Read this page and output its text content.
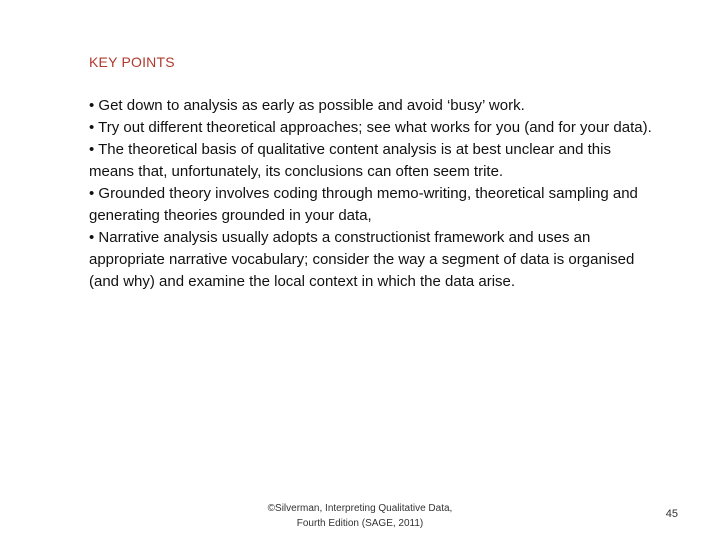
KEY POINTS

• Get down to analysis as early as possible and avoid ‘busy’ work.

• Try out different theoretical approaches; see what works for you (and for your data).

• The theoretical basis of qualitative content analysis is at best unclear and this means that, unfortunately, its conclusions can often seem trite.

• Grounded theory involves coding through memo-writing, theoretical sampling and generating theories grounded in your data,

• Narrative analysis usually adopts a constructionist framework and uses an appropriate narrative vocabulary; consider the way a segment of data is organised (and why) and examine the local context in which the data arise.

©Silverman, Interpreting Qualitative Data,
Fourth Edition (SAGE, 2011)
45
